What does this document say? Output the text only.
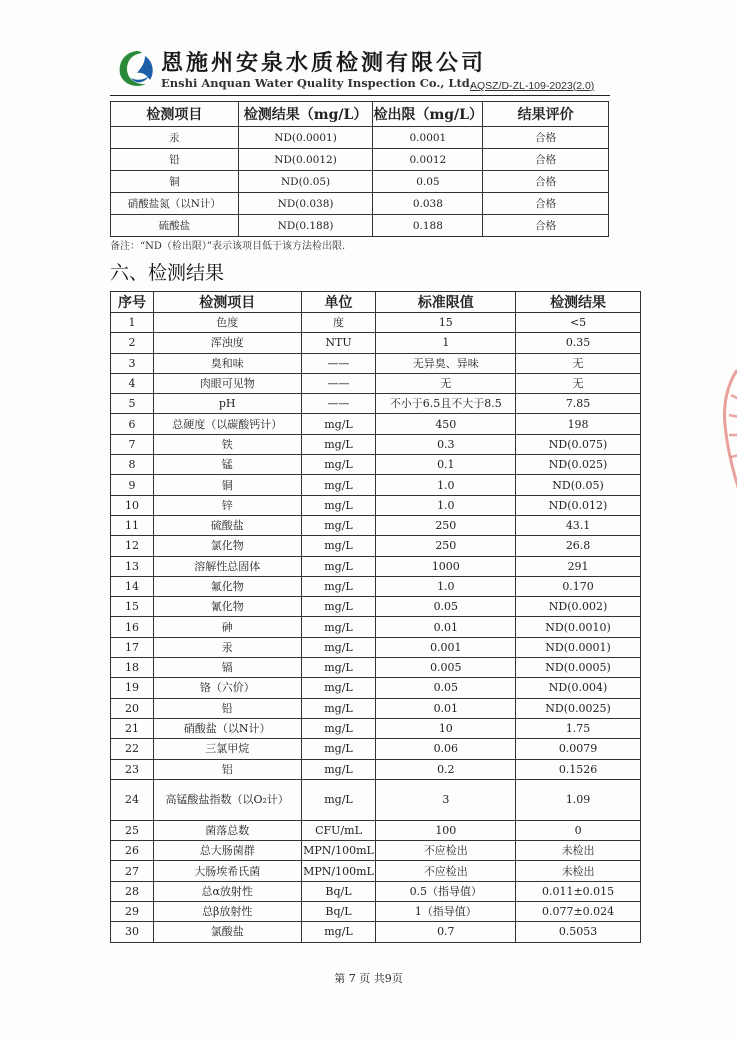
恩施州安泉水质检测有限公司
Enshi Anquan Water Quality Inspection Co., Ltd.
AQSZ/D-ZL-109-2023(2.0)
检测项目	检测结果（mg/L）	检出限（mg/L）	结果评价
汞	ND(0.0001)	0.0001	合格
铅	ND(0.0012)	0.0012	合格
铜	ND(0.05)	0.05	合格
硝酸盐氮（以N计）	ND(0.038)	0.038	合格
硫酸盐	ND(0.188)	0.188	合格
备注：“ND（检出限）”表示该项目低于该方法检出限.
六、检测结果
序号	检测项目	单位	标准限值	检测结果
1	色度	度	15	<5
2	浑浊度	NTU	1	0.35
3	臭和味	——	无异臭、异味	无
4	肉眼可见物	——	无	无
5	pH	——	不小于6.5且不大于8.5	7.85
6	总硬度（以碳酸钙计）	mg/L	450	198
7	铁	mg/L	0.3	ND(0.075)
8	锰	mg/L	0.1	ND(0.025)
9	铜	mg/L	1.0	ND(0.05)
10	锌	mg/L	1.0	ND(0.012)
11	硫酸盐	mg/L	250	43.1
12	氯化物	mg/L	250	26.8
13	溶解性总固体	mg/L	1000	291
14	氟化物	mg/L	1.0	0.170
15	氰化物	mg/L	0.05	ND(0.002)
16	砷	mg/L	0.01	ND(0.0010)
17	汞	mg/L	0.001	ND(0.0001)
18	镉	mg/L	0.005	ND(0.0005)
19	铬（六价）	mg/L	0.05	ND(0.004)
20	铅	mg/L	0.01	ND(0.0025)
21	硝酸盐（以N计）	mg/L	10	1.75
22	三氯甲烷	mg/L	0.06	0.0079
23	铝	mg/L	0.2	0.1526
24	高锰酸盐指数（以O₂计）	mg/L	3	1.09
25	菌落总数	CFU/mL	100	0
26	总大肠菌群	MPN/100mL	不应检出	未检出
27	大肠埃希氏菌	MPN/100mL	不应检出	未检出
28	总α放射性	Bq/L	0.5（指导值）	0.011±0.015
29	总β放射性	Bq/L	1（指导值）	0.077±0.024
30	氯酸盐	mg/L	0.7	0.5053
第 7 页 共9页
